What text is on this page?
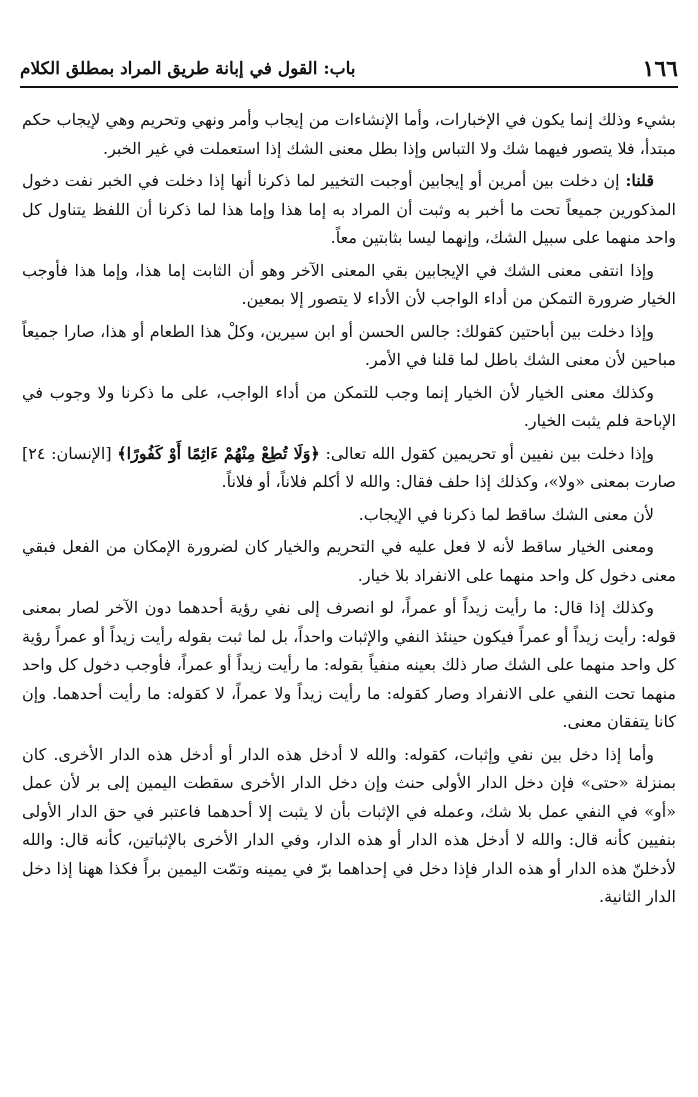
١٦٦
باب: القول في إبانة طريق المراد بمطلق الكلام

بشيء وذلك إنما يكون في الإخبارات، وأما الإنشاءات من إيجاب وأمر ونهي وتحريم وهي لإيجاب حكم مبتدأ، فلا يتصور فيهما شك ولا التباس وإذا بطل معنى الشك إذا استعملت في غير الخبر.

قلنا: إن دخلت بين أمرين أو إيجابين أوجبت التخيير لما ذكرنا أنها إذا دخلت في الخبر نفت دخول المذكورين جميعاً تحت ما أخبر به وثبت أن المراد به إما هذا وإما هذا لما ذكرنا أن اللفظ يتناول كل واحد منهما على سبيل الشك، وإنهما ليسا بثابتين معاً.

وإذا انتفى معنى الشك في الإيجابين بقي المعنى الآخر وهو أن الثابت إما هذا، وإما هذا فأوجب الخيار ضرورة التمكن من أداء الواجب لأن الأداء لا يتصور إلا بمعين.

وإذا دخلت بين أباحتين كقولك: جالس الحسن أو ابن سيرين، وكلْ هذا الطعام أو هذا، صارا جميعاً مباحين لأن معنى الشك باطل لما قلنا في الأمر.

وكذلك معنى الخيار لأن الخيار إنما وجب للتمكن من أداء الواجب، على ما ذكرنا ولا وجوب في الإباحة فلم يثبت الخيار.

وإذا دخلت بين نفيين أو تحريمين كقول الله تعالى: ﴿وَلَا تُطِعْ مِنْهُمْ ءَاثِمًا أَوْ كَفُورًا﴾ [الإنسان: ٢٤] صارت بمعنى «ولا»، وكذلك إذا حلف فقال: والله لا أكلم فلاناً، أو فلاناً.

لأن معنى الشك ساقط لما ذكرنا في الإيجاب.

ومعنى الخيار ساقط لأنه لا فعل عليه في التحريم والخيار كان لضرورة الإمكان من الفعل فبقي معنى دخول كل واحد منهما على الانفراد بلا خيار.

وكذلك إذا قال: ما رأيت زيداً أو عمراً، لو انصرف إلى نفي رؤية أحدهما دون الآخر لصار بمعنى قوله: رأيت زيداً أو عمراً فيكون حينئذ النفي والإثبات واحداً، بل لما ثبت بقوله رأيت زيداً أو عمراً رؤية كل واحد منهما على الشك صار ذلك بعينه منفياً بقوله: ما رأيت زيداً أو عمراً، فأوجب دخول كل واحد منهما تحت النفي على الانفراد وصار كقوله: ما رأيت زيداً ولا عمراً، لا كقوله: ما رأيت أحدهما. وإن كانا يتفقان معنى.

وأما إذا دخل بين نفي وإثبات، كقوله: والله لا أدخل هذه الدار أو أدخل هذه الدار الأخرى. كان بمنزلة «حتى» فإن دخل الدار الأولى حنث وإن دخل الدار الأخرى سقطت اليمين إلى بر لأن عمل «أو» في النفي عمل بلا شك، وعمله في الإثبات بأن لا يثبت إلا أحدهما فاعتبر في حق الدار الأولى بنفيين كأنه قال: والله لا أدخل هذه الدار أو هذه الدار، وفي الدار الأخرى بالإثباتين، كأنه قال: والله لأدخلنّ هذه الدار أو هذه الدار فإذا دخل في إحداهما برّ في يمينه وتمّت اليمين براً فكذا ههنا إذا دخل الدار الثانية.
